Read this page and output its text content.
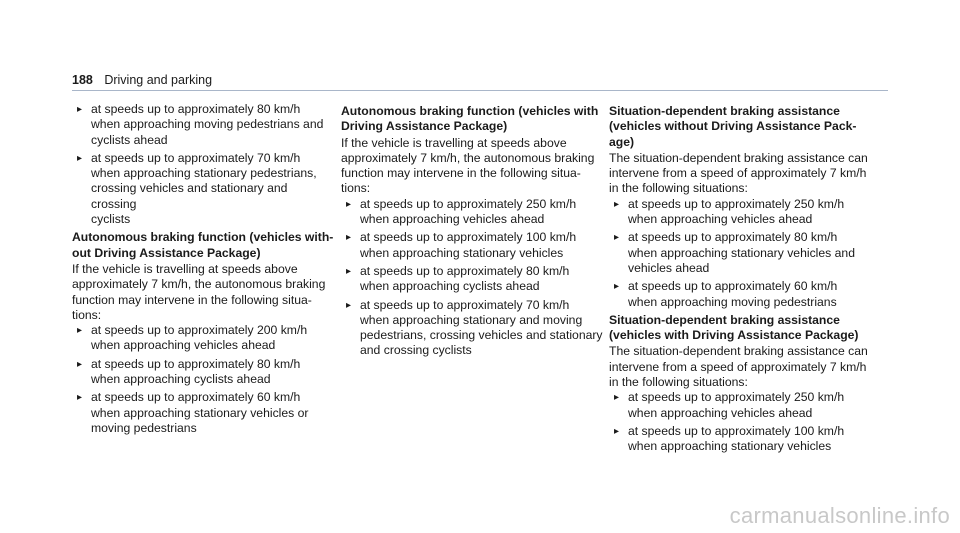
188 Driving and parking
▸ at speeds up to approximately 80 km/h
when approaching moving pedestrians and
cyclists ahead
▸ at speeds up to approximately 70 km/h
when approaching stationary pedestrians,
crossing vehicles and stationary and crossing
cyclists
Autonomous braking function (vehicles with-
out Driving Assistance Package)

If the vehicle is travelling at speeds above
approximately 7 km/h, the autonomous braking
function may intervene in the following situa-
tions:

▸ at speeds up to approximately 200 km/h
when approaching vehicles ahead
▸ at speeds up to approximately 80 km/h
when approaching cyclists ahead
▸ at speeds up to approximately 60 km/h
when approaching stationary vehicles or
moving pedestrians
Autonomous braking function (vehicles with
Driving Assistance Package)

If the vehicle is travelling at speeds above
approximately 7 km/h, the autonomous braking
function may intervene in the following situa-
tions:

▸ at speeds up to approximately 250 km/h
when approaching vehicles ahead
▸ at speeds up to approximately 100 km/h
when approaching stationary vehicles
▸ at speeds up to approximately 80 km/h
when approaching cyclists ahead
▸ at speeds up to approximately 70 km/h
when approaching stationary and moving
pedestrians, crossing vehicles and stationary
and crossing cyclists
Situation-dependent braking assistance
(vehicles without Driving Assistance Pack-
age)

The situation-dependent braking assistance can
intervene from a speed of approximately 7 km/h
in the following situations:

▸ at speeds up to approximately 250 km/h
when approaching vehicles ahead
▸ at speeds up to approximately 80 km/h
when approaching stationary vehicles and
vehicles ahead
▸ at speeds up to approximately 60 km/h
when approaching moving pedestrians
Situation-dependent braking assistance
(vehicles with Driving Assistance Package)

The situation-dependent braking assistance can
intervene from a speed of approximately 7 km/h
in the following situations:

▸ at speeds up to approximately 250 km/h
when approaching vehicles ahead
▸ at speeds up to approximately 100 km/h
when approaching stationary vehicles
carmanualsonline.info
